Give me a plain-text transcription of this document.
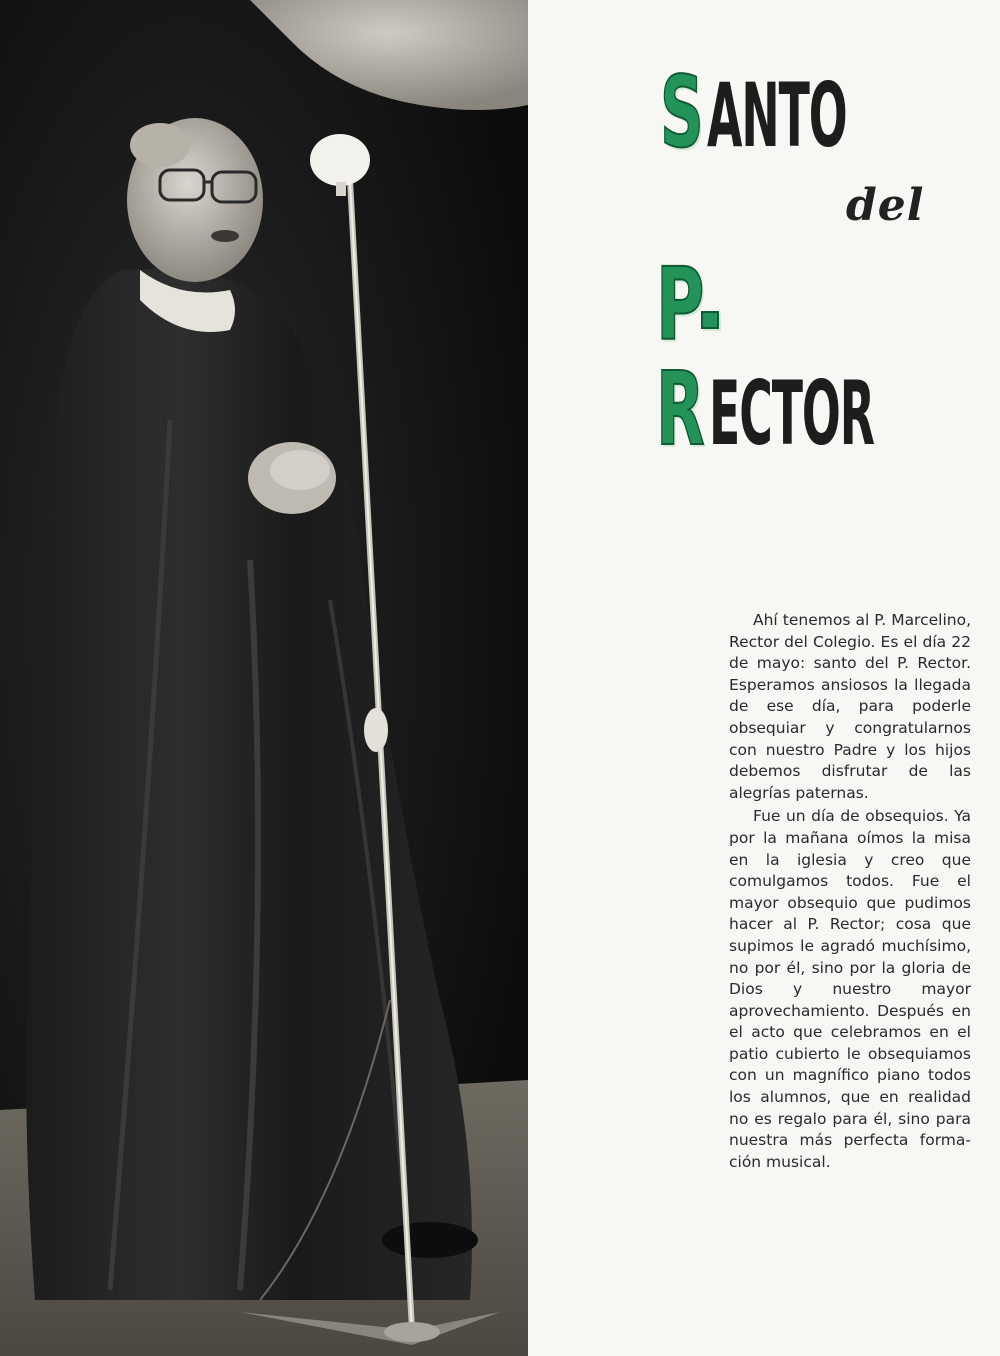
SANTO
del
P
RECTOR

Ahí tenemos al P. Marcelino, Rector del Colegio. Es el día 22 de mayo: santo del P. Rector. Esperamos ansiosos la llegada de ese día, para poderle obsequiar y congratularnos con nuestro Padre y los hijos debemos disfrutar de las alegrías paternas.

Fue un día de obsequios. Ya por la mañana oímos la misa en la iglesia y creo que comulgamos todos. Fue el mayor obsequio que pudimos hacer al P. Rector; cosa que supimos le agradó muchísimo, no por él, sino por la gloria de Dios y nuestro mayor aprovechamiento. Después en el acto que celebramos en el patio cubierto le obsequiamos con un magnífico piano todos los alumnos, que en realidad no es regalo para él, sino para nuestra más perfecta formación musical.
